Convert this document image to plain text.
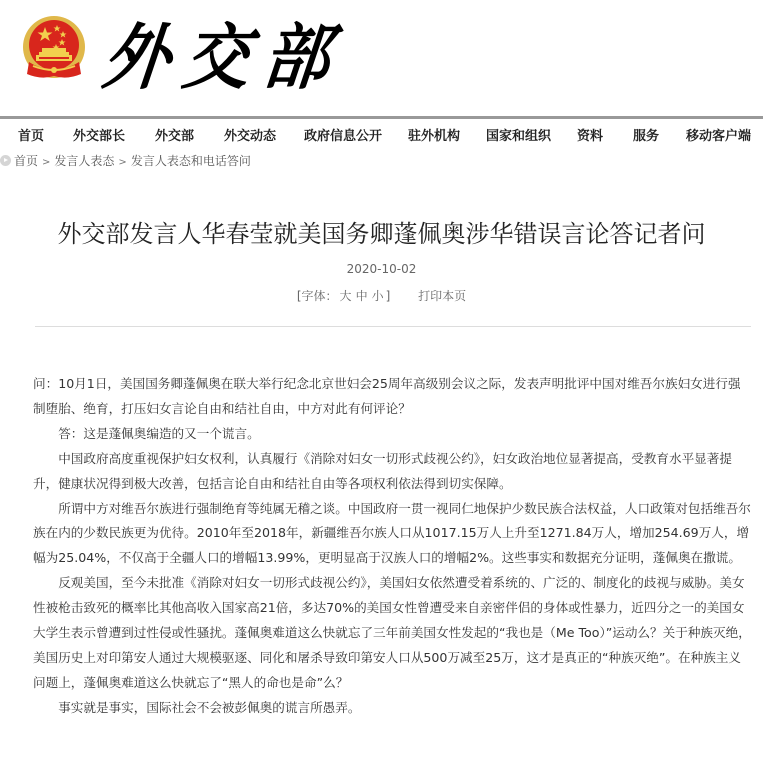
外交部
首页 外交部长 外交部 外交动态 政府信息公开 驻外机构 国家和组织 资料 服务 移动客户端
首页 > 发言人表态 > 发言人表态和电话答问
外交部发言人华春莹就美国务卿蓬佩奥涉华错误言论答记者问
2020-10-02
[字体： 大 中 小 ] 打印本页

问：10月1日，美国国务卿蓬佩奥在联大举行纪念北京世妇会25周年高级别会议之际，发表声明批评中国对维吾尔族妇女进行强制堕胎、绝育，打压妇女言论自由和结社自由，中方对此有何评论？

答：这是蓬佩奥编造的又一个谎言。

中国政府高度重视保护妇女权利，认真履行《消除对妇女一切形式歧视公约》，妇女政治地位显著提高，受教育水平显著提升，健康状况得到极大改善，包括言论自由和结社自由等各项权利依法得到切实保障。

所谓中方对维吾尔族进行强制绝育等纯属无稽之谈。中国政府一贯一视同仁地保护少数民族合法权益，人口政策对包括维吾尔族在内的少数民族更为优待。2010年至2018年，新疆维吾尔族人口从1017.15万人上升至1271.84万人，增加254.69万人，增幅为25.04%，不仅高于全疆人口的增幅13.99%，更明显高于汉族人口的增幅2%。这些事实和数据充分证明，蓬佩奥在撒谎。

反观美国，至今未批准《消除对妇女一切形式歧视公约》，美国妇女依然遭受着系统的、广泛的、制度化的歧视与威胁。美女性被枪击致死的概率比其他高收入国家高21倍，多达70%的美国女性曾遭受来自亲密伴侣的身体或性暴力，近四分之一的美国女大学生表示曾遭到过性侵或性骚扰。蓬佩奥难道这么快就忘了三年前美国女性发起的“我也是（Me Too）”运动么？关于种族灭绝，美国历史上对印第安人通过大规模驱逐、同化和屠杀导致印第安人口从500万减至25万，这才是真正的“种族灭绝”。在种族主义问题上，蓬佩奥难道这么快就忘了“黑人的命也是命”么？

事实就是事实，国际社会不会被彭佩奥的谎言所愚弄。
